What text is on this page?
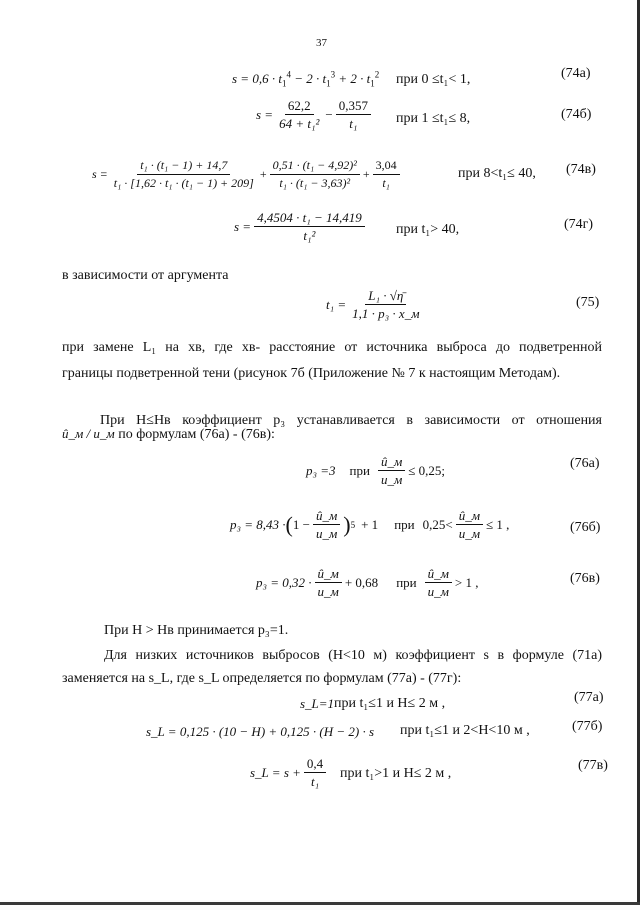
37
$s = 0,6 \cdot t_1^4 - 2 \cdot t_1^3 + 2 \cdot t_1^2$ при 0 ≤t₁< 1,	(74а)
$s = \frac{62,2}{\text{64 + t₁²}} - \frac{0,357}{\text{t₁}}$ при 1 ≤t₁≤ 8,	(74б)
$s = \frac{\text{t₁ · (t₁ − 1) + 14,7}}{\text{t₁ · [1,62 · t₁ · (t₁ − 1) + 209]}} + \frac{\text{0,51 · (t₁ − 4,92)²}}{\text{t₁ · (t₁ − 3,63)²}} + \frac{3,04}{\text{t₁}}$	при 8<t₁≤ 40, (74в)
$s = \frac{\text{4,4504 · t₁ − 14,419}}{\text{t₁²}}$ при t₁> 40,	(74г)
в зависимости от аргумента
$t_1 = \frac{\text{L₁ · √η̄}}{\text{1,1 · p₃ · x\_м}}$	(75)
при замене L₁ на хв, где хв- расстояние от источника выброса до подветренной
границы подветренной тени (рисунок 7б (Приложение № 7 к настоящим Методам).
При H≤Hв коэффициент p₃ устанавливается в зависимости от отношения
û_м / u_м по формулам (76а) - (76в):
p₃ =3 при $\frac{û\_м}{u\_м} \le 0,25$;	(76а)
p₃ = 8,43 · ( $1 - \frac{û\_м}{u\_м}$ ) 5 + 1 при $0,25< \frac{û\_м}{u\_м} \le 1$ ,	(76б)
$p_3 = 0,32 \cdot \frac{û\_м}{u\_м} + 0,68$ при $\frac{û\_м}{u\_м} > 1$ ,	(76в)
При H > Hв принимается p₃=1.
Для низких источников выбросов (H<10 м) коэффициент s в формуле (71а)
заменяется на s_L, где s_L определяется по формулам (77а) - (77г):
s_L=1 при t₁≤1 и H≤ 2 м ,	(77а)
s_L = 0,125 · (10 − H) + 0,125 · (H − 2) · s при t₁≤1 и 2<H<10 м ,	(77б)
s_L = $s + \frac{0,4}{\text{t₁}}$ при t₁>1 и H≤ 2 м ,
(77в)
